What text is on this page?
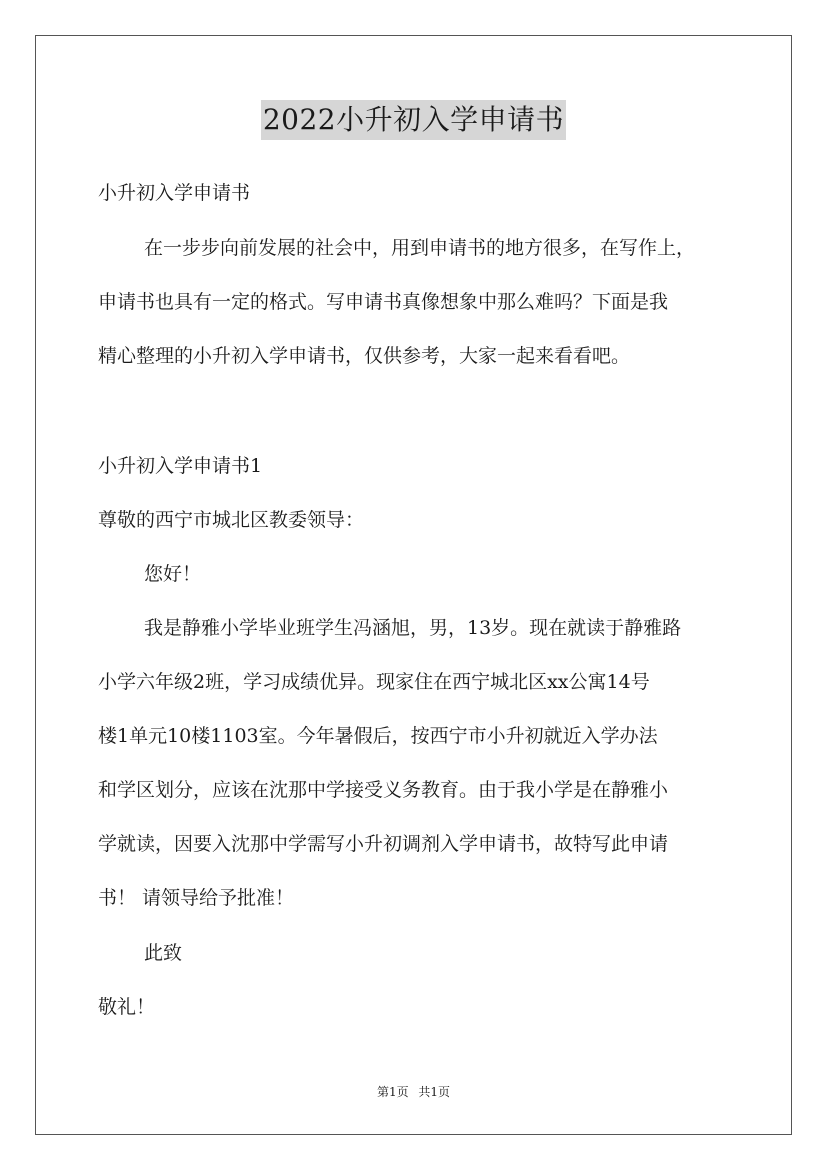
2022小升初入学申请书
小升初入学申请书
在一步步向前发展的社会中，用到申请书的地方很多，在写作上，
申请书也具有一定的格式。写申请书真像想象中那么难吗？下面是我
精心整理的小升初入学申请书，仅供参考，大家一起来看看吧。
小升初入学申请书1
尊敬的西宁市城北区教委领导：
您好！
我是静雅小学毕业班学生冯涵旭，男，13岁。现在就读于静雅路
小学六年级2班，学习成绩优异。现家住在西宁城北区xx公寓14号
楼1单元10楼1103室。今年暑假后，按西宁市小升初就近入学办法
和学区划分，应该在沈那中学接受义务教育。由于我小学是在静雅小
学就读，因要入沈那中学需写小升初调剂入学申请书，故特写此申请
书！ 请领导给予批准！
此致
敬礼！
第1页 共1页
